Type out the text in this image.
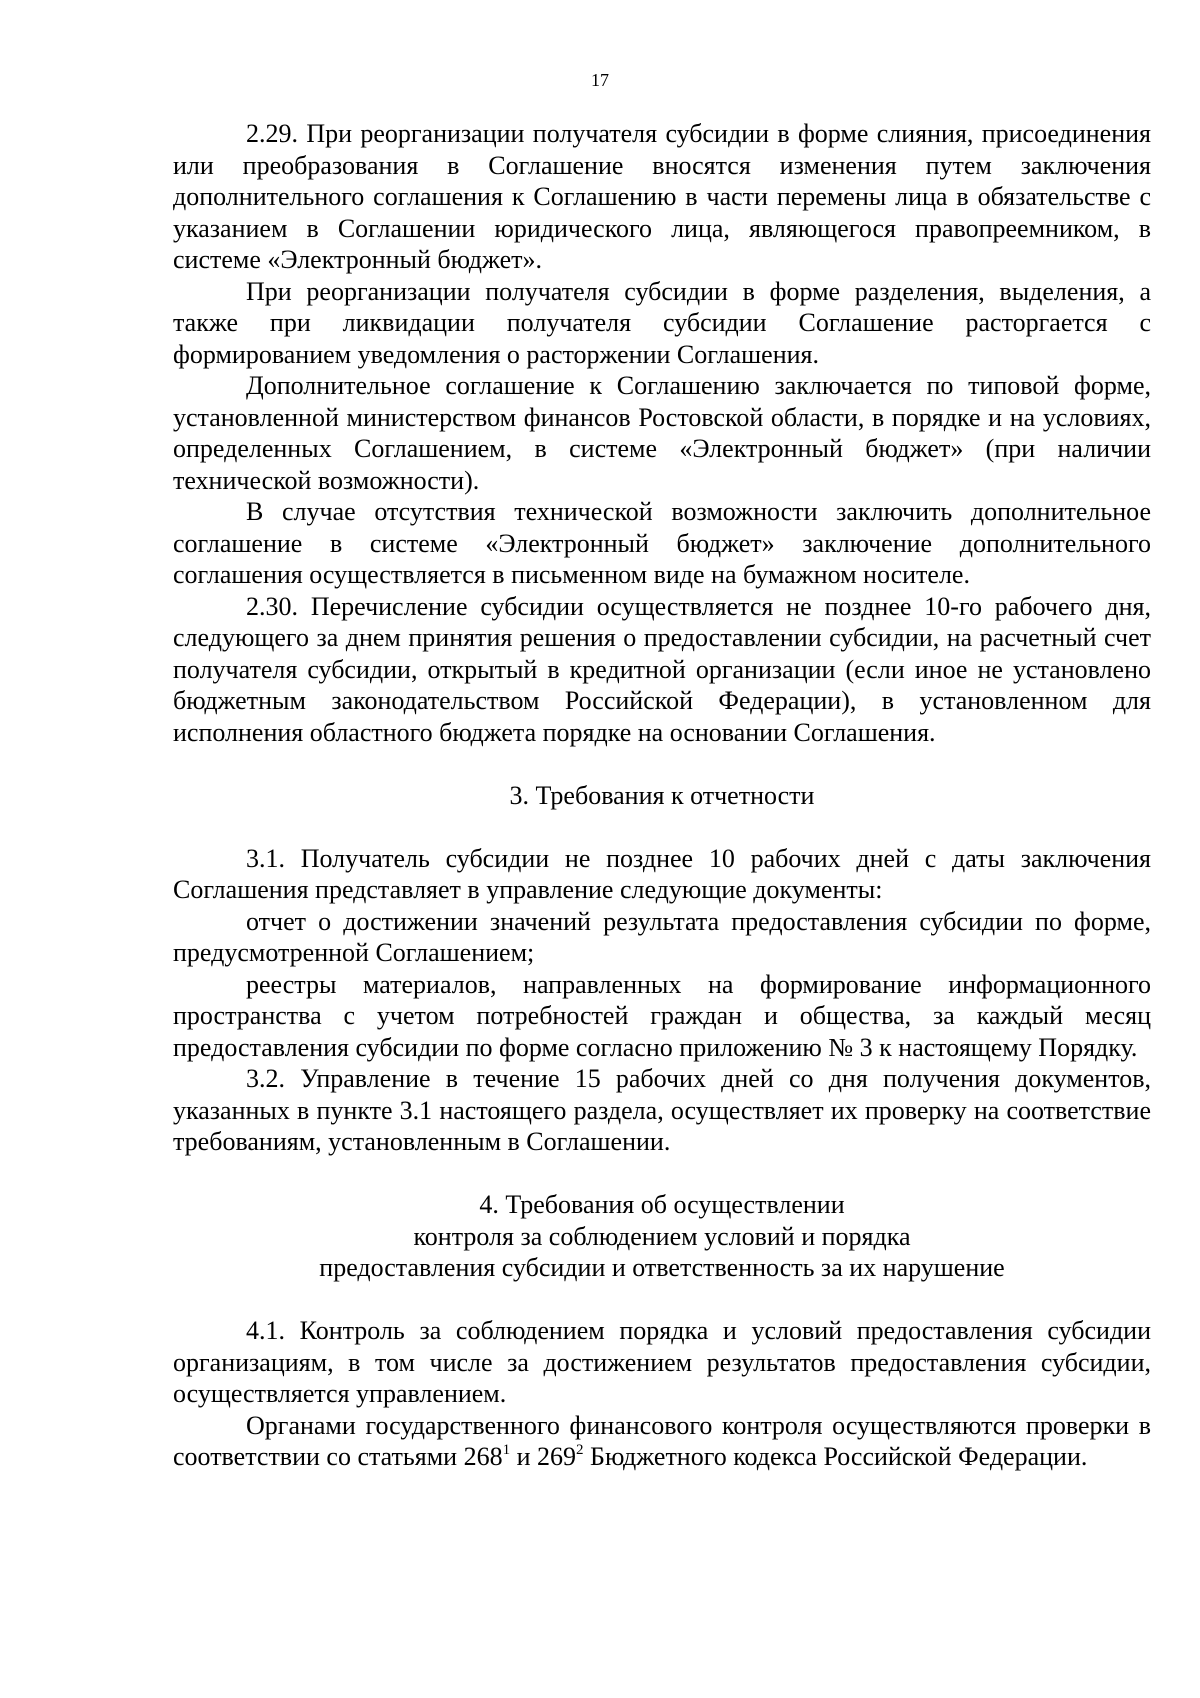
17

2.29. При реорганизации получателя субсидии в форме слияния, присоединения или преобразования в Соглашение вносятся изменения путем заключения дополнительного соглашения к Соглашению в части перемены лица в обязательстве с указанием в Соглашении юридического лица, являющегося правопреемником, в системе «Электронный бюджет».

При реорганизации получателя субсидии в форме разделения, выделения, а также при ликвидации получателя субсидии Соглашение расторгается с формированием уведомления о расторжении Соглашения.

Дополнительное соглашение к Соглашению заключается по типовой форме, установленной министерством финансов Ростовской области, в порядке и на условиях, определенных Соглашением, в системе «Электронный бюджет» (при наличии технической возможности).

В случае отсутствия технической возможности заключить дополнительное соглашение в системе «Электронный бюджет» заключение дополнительного соглашения осуществляется в письменном виде на бумажном носителе.

2.30. Перечисление субсидии осуществляется не позднее 10-го рабочего дня, следующего за днем принятия решения о предоставлении субсидии, на расчетный счет получателя субсидии, открытый в кредитной организации (если иное не установлено бюджетным законодательством Российской Федерации), в установленном для исполнения областного бюджета порядке на основании Соглашения.

3. Требования к отчетности

3.1. Получатель субсидии не позднее 10 рабочих дней с даты заключения Соглашения представляет в управление следующие документы:

отчет о достижении значений результата предоставления субсидии по форме, предусмотренной Соглашением;

реестры материалов, направленных на формирование информационного пространства с учетом потребностей граждан и общества, за каждый месяц предоставления субсидии по форме согласно приложению № 3 к настоящему Порядку.

3.2. Управление в течение 15 рабочих дней со дня получения документов, указанных в пункте 3.1 настоящего раздела, осуществляет их проверку на соответствие требованиям, установленным в Соглашении.

4. Требования об осуществлении

контроля за соблюдением условий и порядка

предоставления субсидии и ответственность за их нарушение

4.1. Контроль за соблюдением порядка и условий предоставления субсидии организациям, в том числе за достижением результатов предоставления субсидии, осуществляется управлением.

Органами государственного финансового контроля осуществляются проверки в соответствии со статьями $268^1$ и $269^2$ Бюджетного кодекса Российской Федерации.
